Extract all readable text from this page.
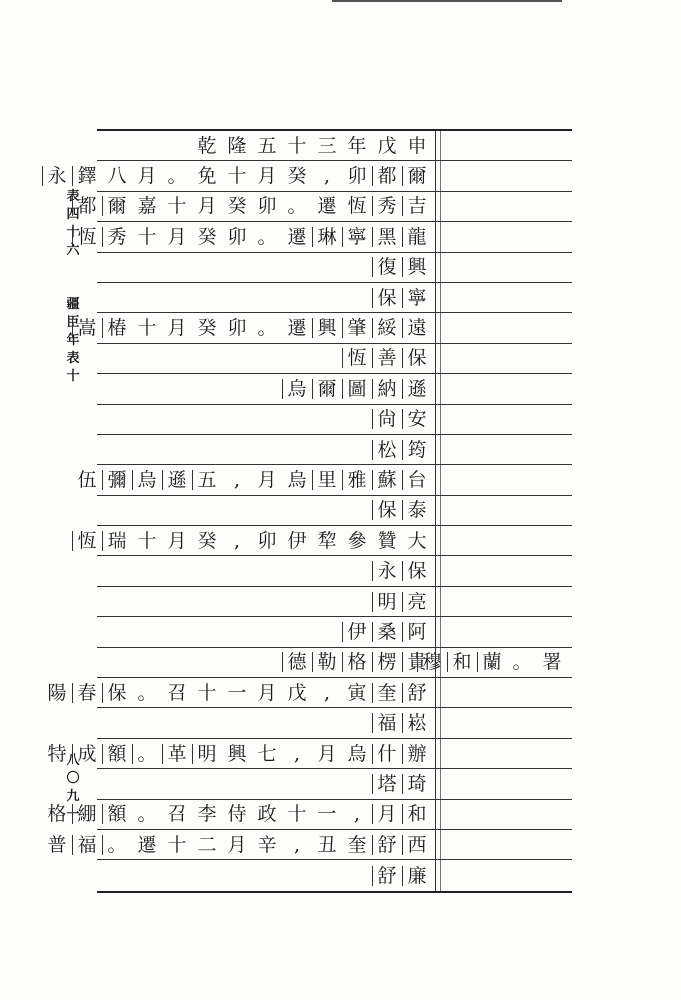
表
四
十
六
疆
臣
年
表
十
八
〇
九
一
申
戊
年
三
十
五
隆
乾
爾
都
卯
,
癸
月
十
免
。
月
八
鐸
永
吉
秀
恆
遷
。
卯
癸
月
十
嘉
爾
都
龍
黑
寧
琳
遷
。
卯
癸
月
十
秀
恆
興
復
寧
保
遠
綏
肇
興
遷
。
卯
癸
月
十
椿
嵩
保
善
恆
遜
納
圖
爾
烏
安
尙
筠
松
台
蘇
雅
里
烏
月
,
五
遜
烏
彌
伍
泰
保
大
贊
參
犂
伊
卯
,
癸
月
十
瑞
恆
保
永
亮
明
阿
桑
伊
貴
楞
格
勒
德	署
。
蘭
和
穆
舒
奎
寅
,
戊
月
一
十
召
。
保
春
陽
崧
福
辦
什
烏
月
,
七
興
明
革
。
額
成
特
琦
塔
和
月
,
一
十
政
侍
李
召
。
額
綳
格
西
舒
奎
丑
,
辛
月
二
十
遷
。
福
普
廉
舒
